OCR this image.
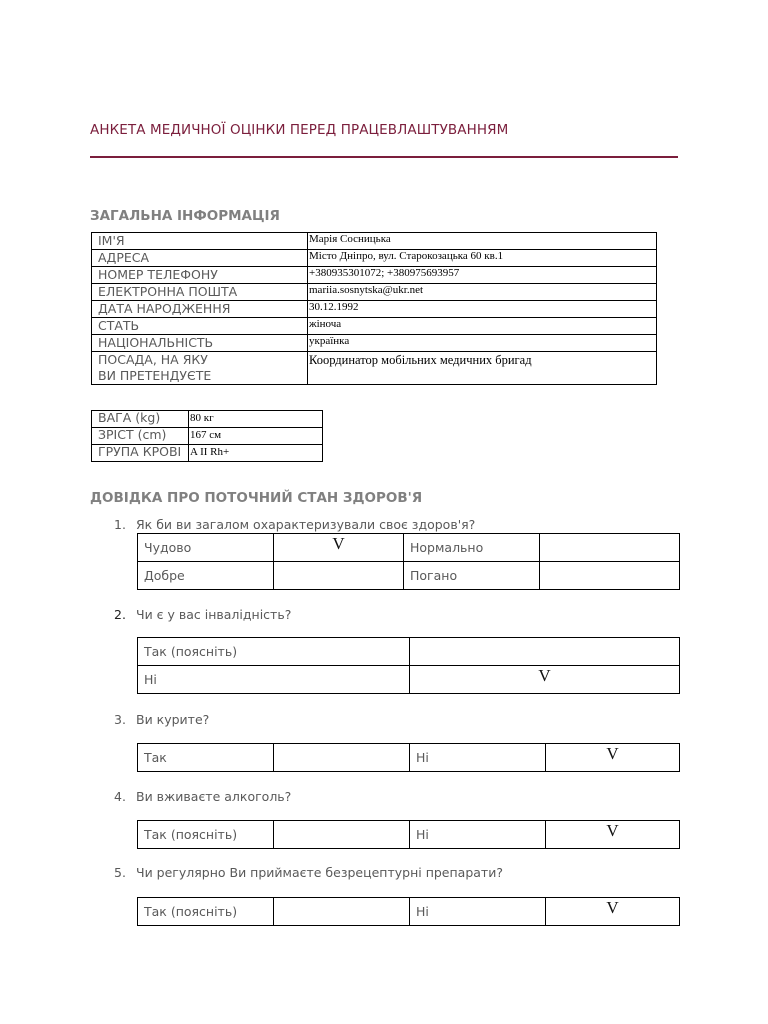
АНКЕТА МЕДИЧНОЇ ОЦІНКИ ПЕРЕД ПРАЦЕВЛАШТУВАННЯМ
ЗАГАЛЬНА ІНФОРМАЦІЯ
ІМ'Я	Марія Сосницька
АДРЕСА	Місто Дніпро, вул. Старокозацька 60 кв.1
НОМЕР ТЕЛЕФОНУ	+380935301072; +380975693957
ЕЛЕКТРОННА ПОШТА	mariia.sosnytska@ukr.net
ДАТА НАРОДЖЕННЯ	30.12.1992
СТАТЬ	жіноча
НАЦІОНАЛЬНІСТЬ	українка

ПОСАДА, НА ЯКУ
ВИ ПРЕТЕНДУЄТЕ	Координатор мобільних медичних бригад
ВАГА (kg)	80 кг
ЗРІСТ (cm)	167 см
ГРУПА КРОВІ	A II Rh+
ДОВІДКА ПРО ПОТОЧНИЙ СТАН ЗДОРОВ'Я
1. Як би ви загалом охарактеризували своє здоров'я?
Чудово	V	Нормально	
Добре		Погано	
2. Чи є у вас інвалідність?
Так (поясніть)	
Ні	V
3. Ви курите?
Так		Ні	V
4. Ви вживаєте алкоголь?
Так (поясніть)		Ні	V
5. Чи регулярно Ви приймаєте безрецептурні препарати?
Так (поясніть)		Ні	V
